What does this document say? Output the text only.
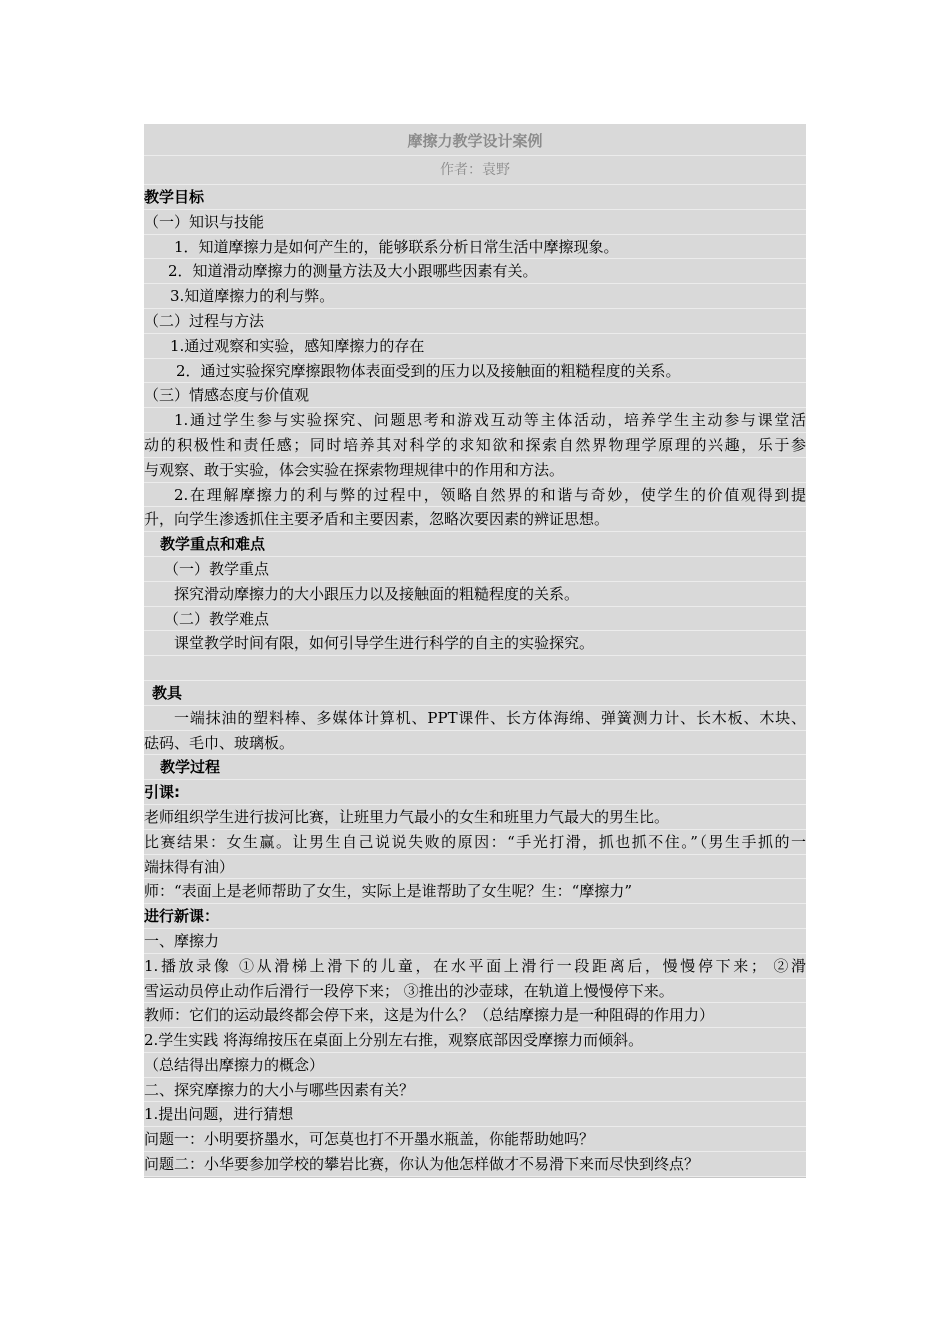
摩擦力教学设计案例
作者：袁野
教学目标
（一）知识与技能
1．知道摩擦力是如何产生的，能够联系分析日常生活中摩擦现象。
2．知道滑动摩擦力的测量方法及大小跟哪些因素有关。
3.知道摩擦力的利与弊。
（二）过程与方法
1.通过观察和实验，感知摩擦力的存在
2．通过实验探究摩擦跟物体表面受到的压力以及接触面的粗糙程度的关系。
（三）情感态度与价值观
1.通过学生参与实验探究、问题思考和游戏互动等主体活动，培养学生主动参与课堂活
动的积极性和责任感；同时培养其对科学的求知欲和探索自然界物理学原理的兴趣，乐于参
与观察、敢于实验，体会实验在探索物理规律中的作用和方法。
2.在理解摩擦力的利与弊的过程中，领略自然界的和谐与奇妙，使学生的价值观得到提
升，向学生渗透抓住主要矛盾和主要因素，忽略次要因素的辨证思想。
教学重点和难点
（一）教学重点
探究滑动摩擦力的大小跟压力以及接触面的粗糙程度的关系。
（二）教学难点
课堂教学时间有限，如何引导学生进行科学的自主的实验探究。
教具
一端抹油的塑料棒、多媒体计算机、PPT课件、长方体海绵、弹簧测力计、长木板、木块、
砝码、毛巾、玻璃板。
教学过程
引课:
老师组织学生进行拔河比赛，让班里力气最小的女生和班里力气最大的男生比。
比赛结果：女生赢。让男生自己说说失败的原因：“手光打滑，抓也抓不住。”（男生手抓的一
端抹得有油）
师：“表面上是老师帮助了女生，实际上是谁帮助了女生呢？生：“摩擦力”
进行新课：
一、摩擦力
1.播放录像 ①从滑梯上滑下的儿童，在水平面上滑行一段距离后，慢慢停下来； ②滑
雪运动员停止动作后滑行一段停下来； ③推出的沙壶球，在轨道上慢慢停下来。
教师：它们的运动最终都会停下来，这是为什么？（总结摩擦力是一种阻碍的作用力）
2.学生实践 将海绵按压在桌面上分别左右推，观察底部因受摩擦力而倾斜。
（总结得出摩擦力的概念）
二、探究摩擦力的大小与哪些因素有关？
1.提出问题，进行猜想
问题一：小明要挤墨水，可怎莫也打不开墨水瓶盖，你能帮助她吗？
问题二：小华要参加学校的攀岩比赛，你认为他怎样做才不易滑下来而尽快到终点？
